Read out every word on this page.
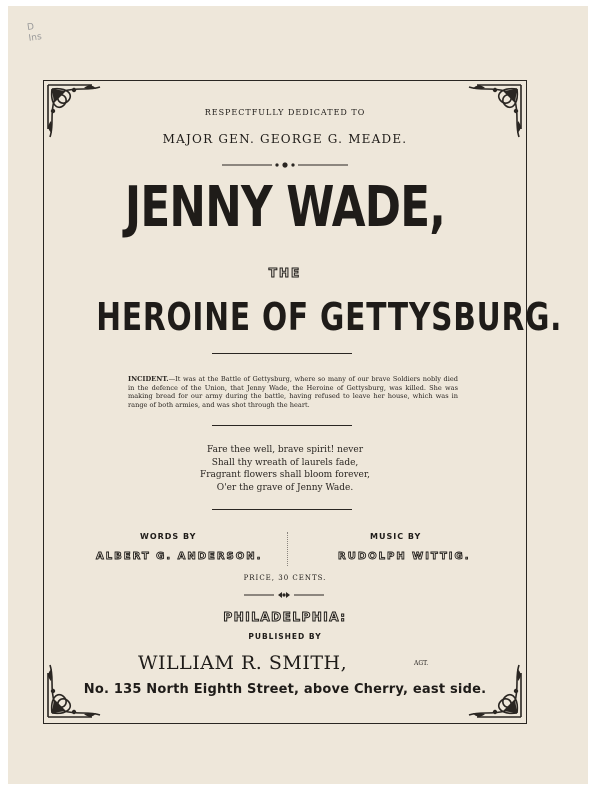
D
Ins
RESPECTFULLY DEDICATED TO
MAJOR GEN. GEORGE G. MEADE.
JENNY WADE,
THE
HEROINE OF GETTYSBURG.
INCIDENT.—It was at the Battle of Gettysburg, where so many of our brave Soldiers nobly died in the defence of the Union, that Jenny Wade, the Heroine of Gettysburg, was killed. She was making bread for our army during the battle, having refused to leave her house, which was in range of both armies, and was shot through the heart.
Fare thee well, brave spirit! never
Shall thy wreath of laurels fade,
Fragrant flowers shall bloom forever,
O'er the grave of Jenny Wade.
WORDS BY
ALBERT G. ANDERSON.
MUSIC BY
RUDOLPH WITTIG.
PRICE, 30 CENTS.
PHILADELPHIA:
PUBLISHED BY
WILLIAM R. SMITH,	AGT.
No. 135 North Eighth Street, above Cherry, east side.
